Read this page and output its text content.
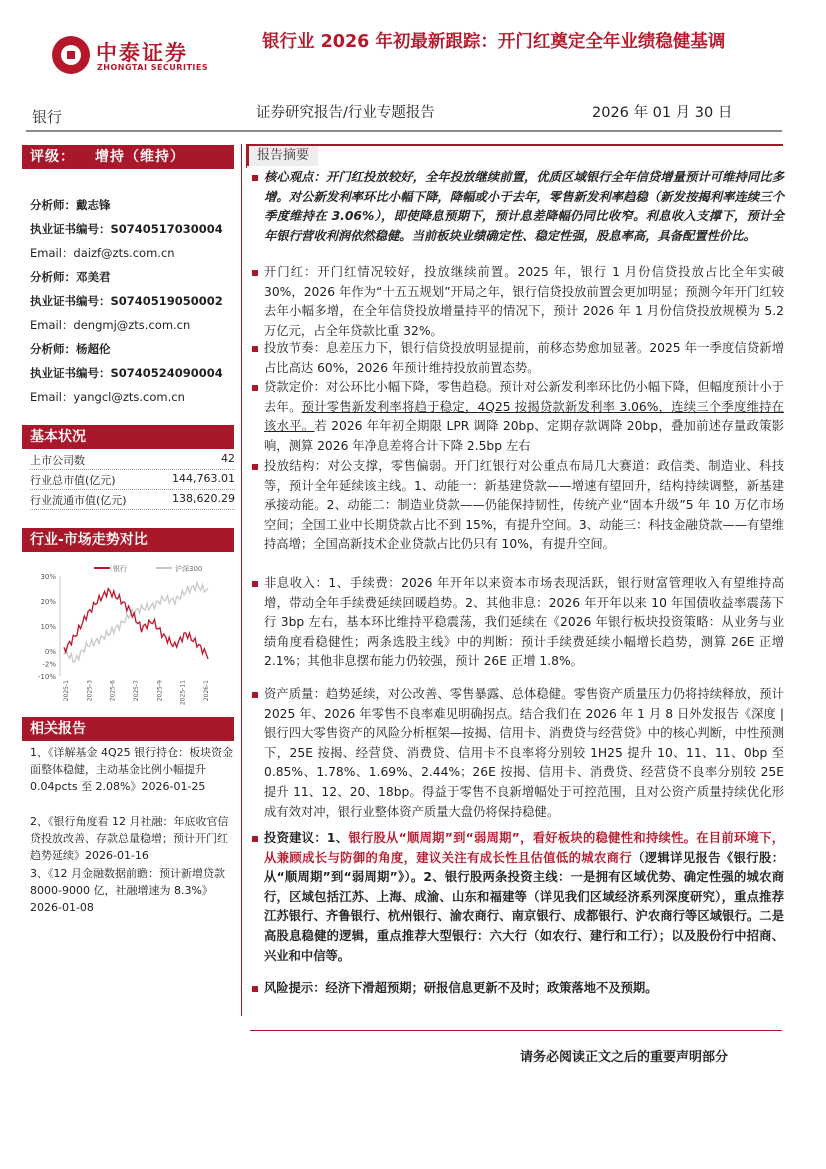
中泰证券
ZHONGTAI SECURITIES
银行业 2026 年初最新跟踪：开门红奠定全年业绩稳健基调
银行	证券研究报告/行业专题报告	2026 年 01 月 30 日
评级： 增持（维持）
分析师：戴志锋
执业证书编号：S0740517030004
Email：daizf@zts.com.cn
分析师：邓美君
执业证书编号：S0740519050002
Email：dengmj@zts.com.cn
分析师：杨超伦
执业证书编号：S0740524090004
Email：yangcl@zts.com.cn
基本状况
上市公司数	42
行业总市值(亿元)	144,763.01
行业流通市值(亿元)	138,620.29
行业-市场走势对比
30%
20%
10%
0%
-2%
-10%
银行	沪深300
2025-1	2025-3	2025-6	2025-7	2025-9	2025-11	2026-1
相关报告
1、《详解基金 4Q25 银行持仓：板块资金面整体稳健，主动基金比例小幅提升 0.04pcts 至 2.08%》2026-01-25
2、《银行角度看 12 月社融：年底收官信贷投放改善、存款总量稳增；预计开门红趋势延续》2026-01-16
3、《12 月金融数据前瞻：预计新增贷款 8000-9000 亿，社融增速为 8.3%》2026-01-08
报告摘要
核心观点：开门红投放较好，全年投放继续前置，优质区域银行全年信贷增量预计可维持同比多增。对公新发利率环比小幅下降，降幅或小于去年，零售新发利率趋稳（新发按揭利率连续三个季度维持在 3.06%），即使降息预期下，预计息差降幅仍同比收窄。利息收入支撑下，预计全年银行营收利润依然稳健。当前板块业绩确定性、稳定性强，股息率高，具备配置性价比。
开门红：开门红情况较好，投放继续前置。2025 年，银行 1 月份信贷投放占比全年实破 30%，2026 年作为“十五五规划”开局之年，银行信贷投放前置会更加明显；预测今年开门红较去年小幅多增，在全年信贷投放增量持平的情况下，预计 2026 年 1 月份信贷投放规模为 5.2 万亿元，占全年贷款比重 32%。
投放节奏：息差压力下，银行信贷投放明显提前，前移态势愈加显著。2025 年一季度信贷新增占比高达 60%，2026 年预计维持投放前置态势。
贷款定价：对公环比小幅下降，零售趋稳。预计对公新发利率环比仍小幅下降，但幅度预计小于去年。预计零售新发利率将趋于稳定，4Q25 按揭贷款新发利率 3.06%，连续三个季度维持在该水平。若 2026 年年初全期限 LPR 调降 20bp、定期存款调降 20bp，叠加前述存量政策影响，测算 2026 年净息差将合计下降 2.5bp 左右
投放结构：对公支撑，零售偏弱。开门红银行对公重点布局几大赛道：政信类、制造业、科技等，预计全年延续该主线。1、动能一：新基建贷款——增速有望回升，结构持续调整，新基建承接动能。2、动能二：制造业贷款——仍能保持韧性，传统产业“固本升级”5 年 10 万亿市场空间；全国工业中长期贷款占比不到 15%，有提升空间。3、动能三：科技金融贷款——有望维持高增；全国高新技术企业贷款占比仍只有 10%，有提升空间。
非息收入：1、手续费：2026 年开年以来资本市场表现活跃，银行财富管理收入有望维持高增，带动全年手续费延续回暖趋势。2、其他非息：2026 年开年以来 10 年国债收益率震荡下行 3bp 左右，基本环比维持平稳震荡，我们延续在《2026 年银行板块投资策略：从业务与业绩角度看稳健性；两条选股主线》中的判断：预计手续费延续小幅增长趋势，测算 26E 正增 2.1%；其他非息摆布能力仍较强，预计 26E 正增 1.8%。
资产质量：趋势延续，对公改善、零售暴露、总体稳健。零售资产质量压力仍将持续释放，预计 2025 年、2026 年零售不良率难见明确拐点。结合我们在 2026 年 1 月 8 日外发报告《深度 | 银行四大零售资产的风险分析框架—按揭、信用卡、消费贷与经营贷》中的核心判断，中性预测下，25E 按揭、经营贷、消费贷、信用卡不良率将分别较 1H25 提升 10、11、11、0bp 至 0.85%、1.78%、1.69%、2.44%；26E 按揭、信用卡、消费贷、经营贷不良率分别较 25E 提升 11、12、20、18bp。得益于零售不良新增幅处于可控范围，且对公资产质量持续优化形成有效对冲，银行业整体资产质量大盘仍将保持稳健。
投资建议：1、银行股从“顺周期”到“弱周期”，看好板块的稳健性和持续性。在目前环境下，从兼顾成长与防御的角度，建议关注有成长性且估值低的城农商行（逻辑详见报告《银行股：从“顺周期”到“弱周期”》）。2、银行股两条投资主线：一是拥有区域优势、确定性强的城农商行，区域包括江苏、上海、成渝、山东和福建等（详见我们区域经济系列深度研究），重点推荐江苏银行、齐鲁银行、杭州银行、渝农商行、南京银行、成都银行、沪农商行等区域银行。二是高股息稳健的逻辑，重点推荐大型银行：六大行（如农行、建行和工行）；以及股份行中招商、兴业和中信等。
风险提示：经济下滑超预期；研报信息更新不及时；政策落地不及预期。
请务必阅读正文之后的重要声明部分
